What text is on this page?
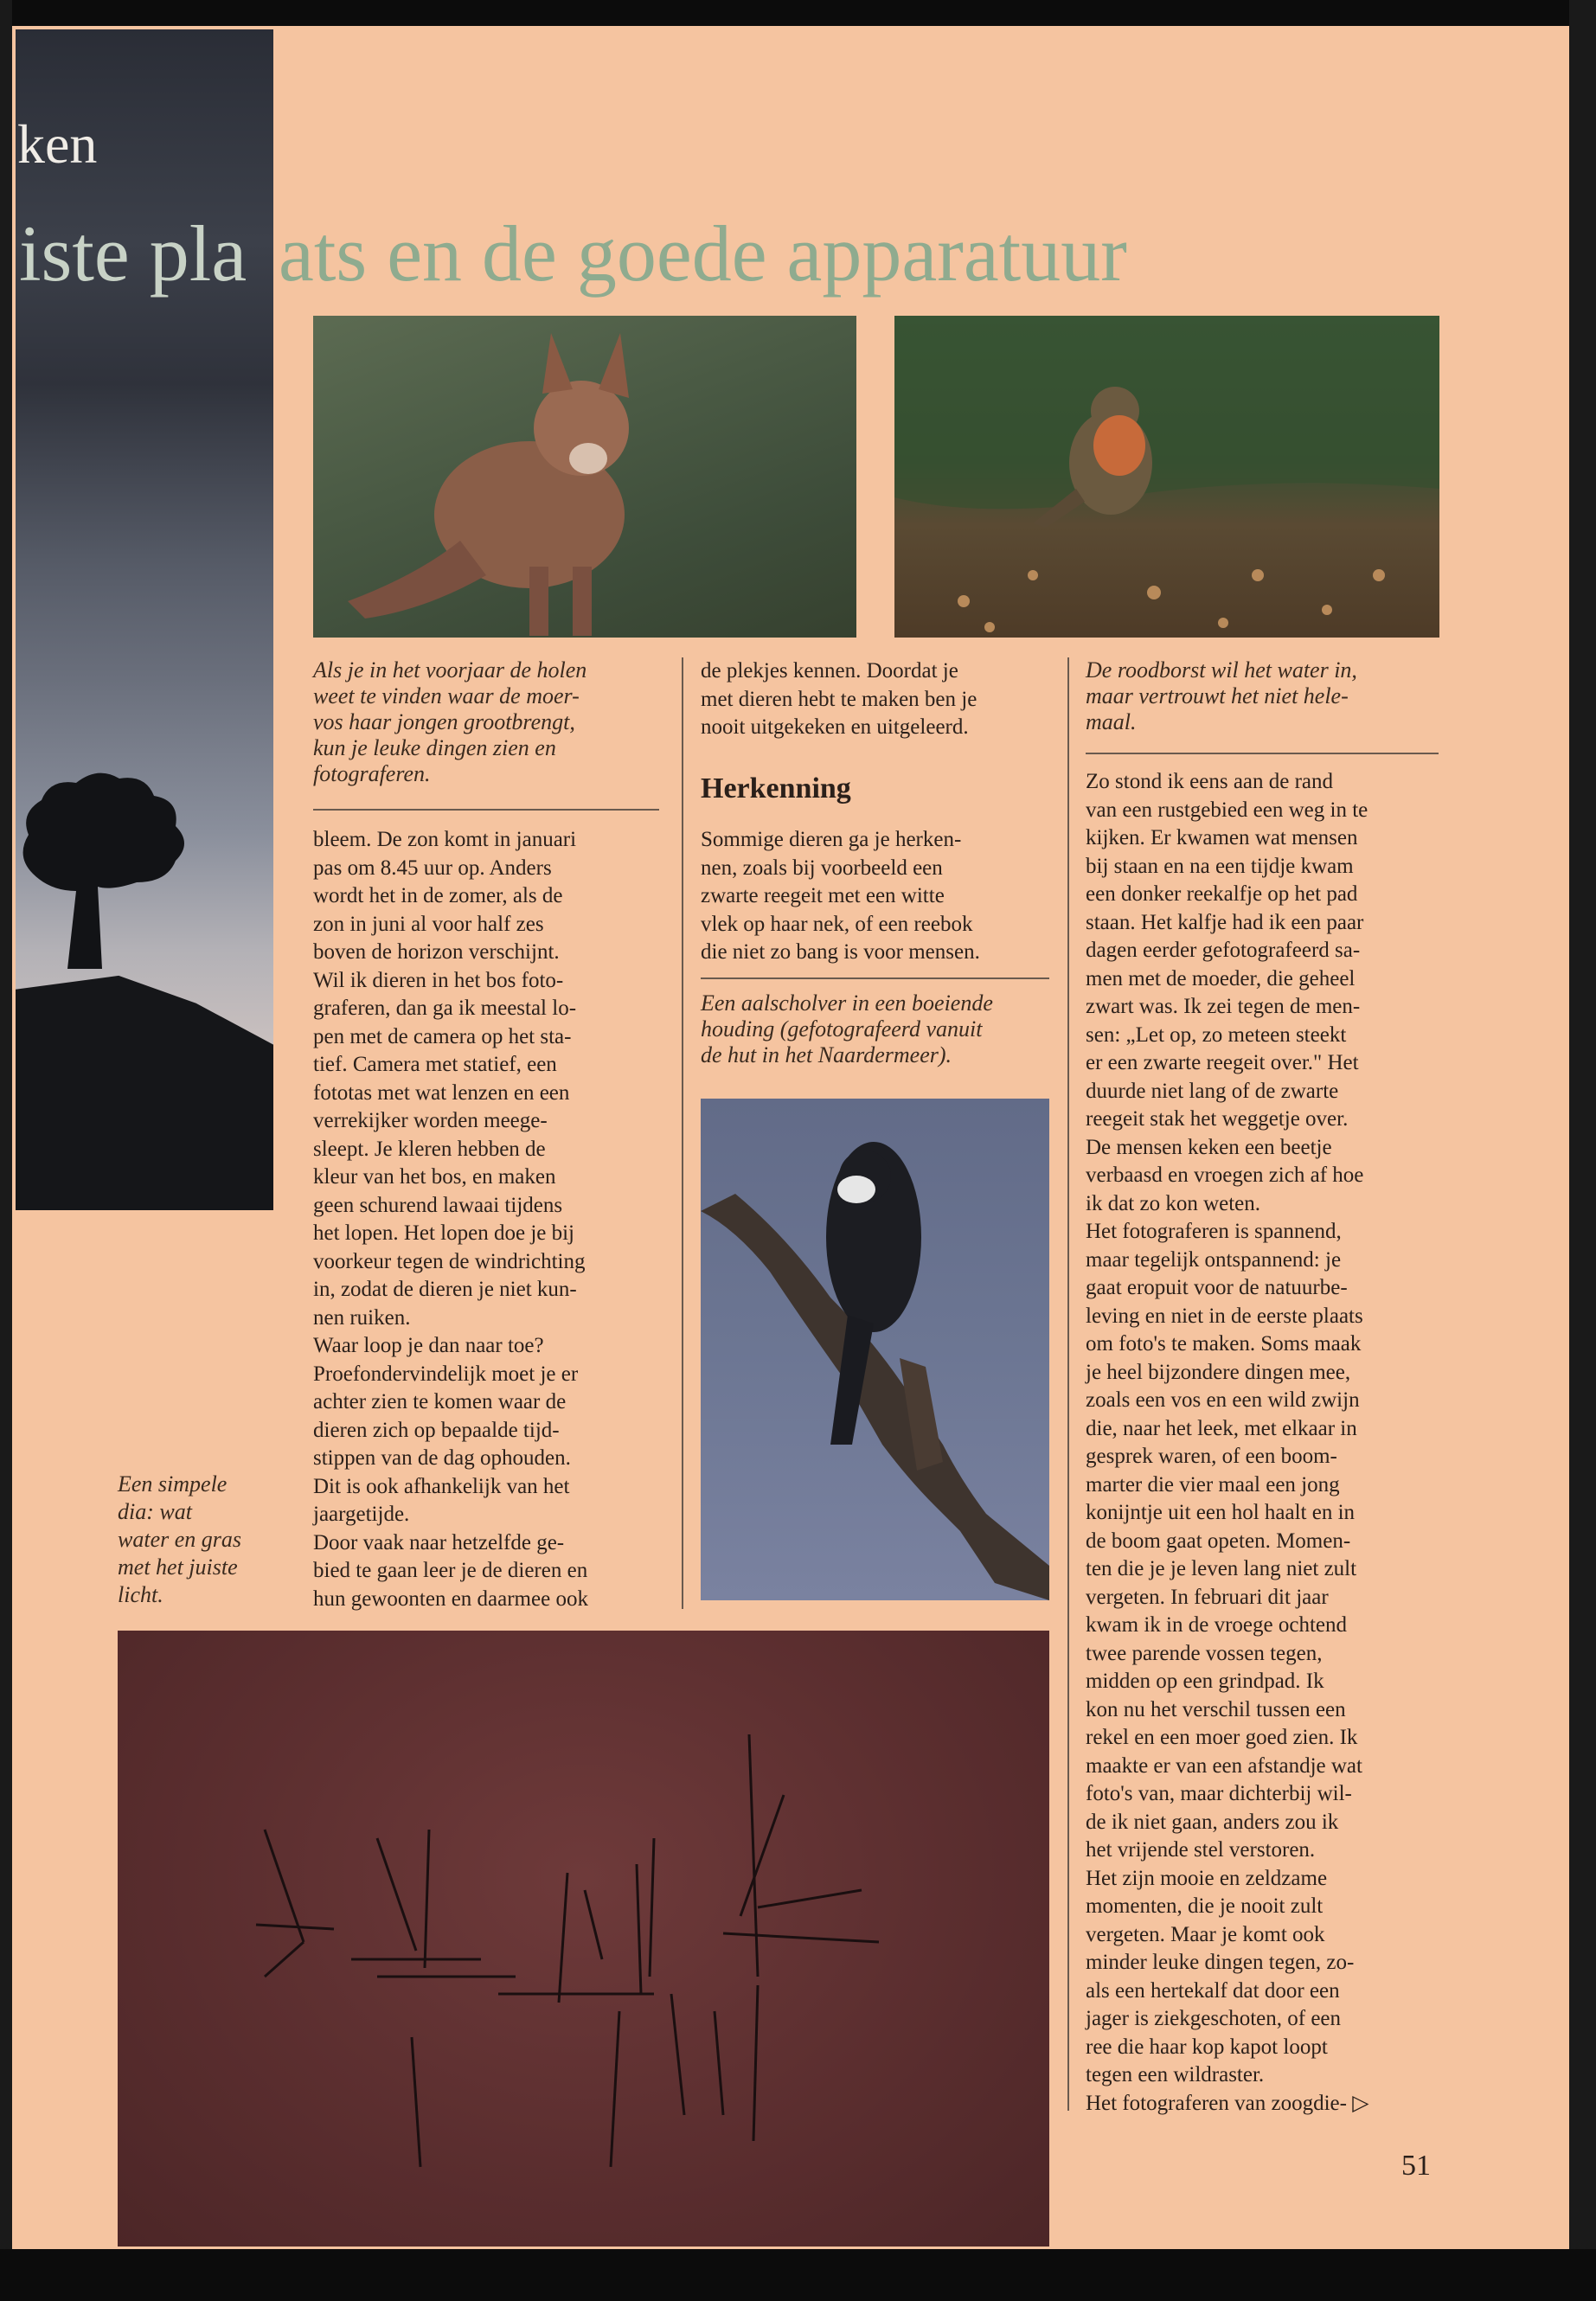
ken
iste pla ats en de goede apparatuur

Als je in het voorjaar de holen

weet te vinden waar de moer-

vos haar jongen grootbrengt,

kun je leuke dingen zien en

fotograferen.

bleem. De zon komt in januari

pas om 8.45 uur op. Anders

wordt het in de zomer, als de

zon in juni al voor half zes

boven de horizon verschijnt.

Wil ik dieren in het bos foto-

graferen, dan ga ik meestal lo-

pen met de camera op het sta-

tief. Camera met statief, een

fototas met wat lenzen en een

verrekijker worden meege-

sleept. Je kleren hebben de

kleur van het bos, en maken

geen schurend lawaai tijdens

het lopen. Het lopen doe je bij

voorkeur tegen de windrichting

in, zodat de dieren je niet kun-

nen ruiken.

Waar loop je dan naar toe?

Proefondervindelijk moet je er

achter zien te komen waar de

dieren zich op bepaalde tijd-

stippen van de dag ophouden.

Dit is ook afhankelijk van het

jaargetijde.

Door vaak naar hetzelfde ge-

bied te gaan leer je de dieren en

hun gewoonten en daarmee ook

de plekjes kennen. Doordat je

met dieren hebt te maken ben je

nooit uitgekeken en uitgeleerd.

Herkenning

Sommige dieren ga je herken-

nen, zoals bij voorbeeld een

zwarte reegeit met een witte

vlek op haar nek, of een reebok

die niet zo bang is voor mensen.

Een aalscholver in een boeiende

houding (gefotografeerd vanuit

de hut in het Naardermeer).

De roodborst wil het water in,

maar vertrouwt het niet hele-

maal.

Zo stond ik eens aan de rand

van een rustgebied een weg in te

kijken. Er kwamen wat mensen

bij staan en na een tijdje kwam

een donker reekalfje op het pad

staan. Het kalfje had ik een paar

dagen eerder gefotografeerd sa-

men met de moeder, die geheel

zwart was. Ik zei tegen de men-

sen: „Let op, zo meteen steekt

er een zwarte reegeit over." Het

duurde niet lang of de zwarte

reegeit stak het weggetje over.

De mensen keken een beetje

verbaasd en vroegen zich af hoe

ik dat zo kon weten.

Het fotograferen is spannend,

maar tegelijk ontspannend: je

gaat eropuit voor de natuurbe-

leving en niet in de eerste plaats

om foto's te maken. Soms maak

je heel bijzondere dingen mee,

zoals een vos en een wild zwijn

die, naar het leek, met elkaar in

gesprek waren, of een boom-

marter die vier maal een jong

konijntje uit een hol haalt en in

de boom gaat opeten. Momen-

ten die je je leven lang niet zult

vergeten. In februari dit jaar

kwam ik in de vroege ochtend

twee parende vossen tegen,

midden op een grindpad. Ik

kon nu het verschil tussen een

rekel en een moer goed zien. Ik

maakte er van een afstandje wat

foto's van, maar dichterbij wil-

de ik niet gaan, anders zou ik

het vrijende stel verstoren.

Het zijn mooie en zeldzame

momenten, die je nooit zult

vergeten. Maar je komt ook

minder leuke dingen tegen, zo-

als een hertekalf dat door een

jager is ziekgeschoten, of een

ree die haar kop kapot loopt

tegen een wildraster.

Het fotograferen van zoogdie- ▷

Een simpele

dia: wat

water en gras

met het juiste

licht.

51
